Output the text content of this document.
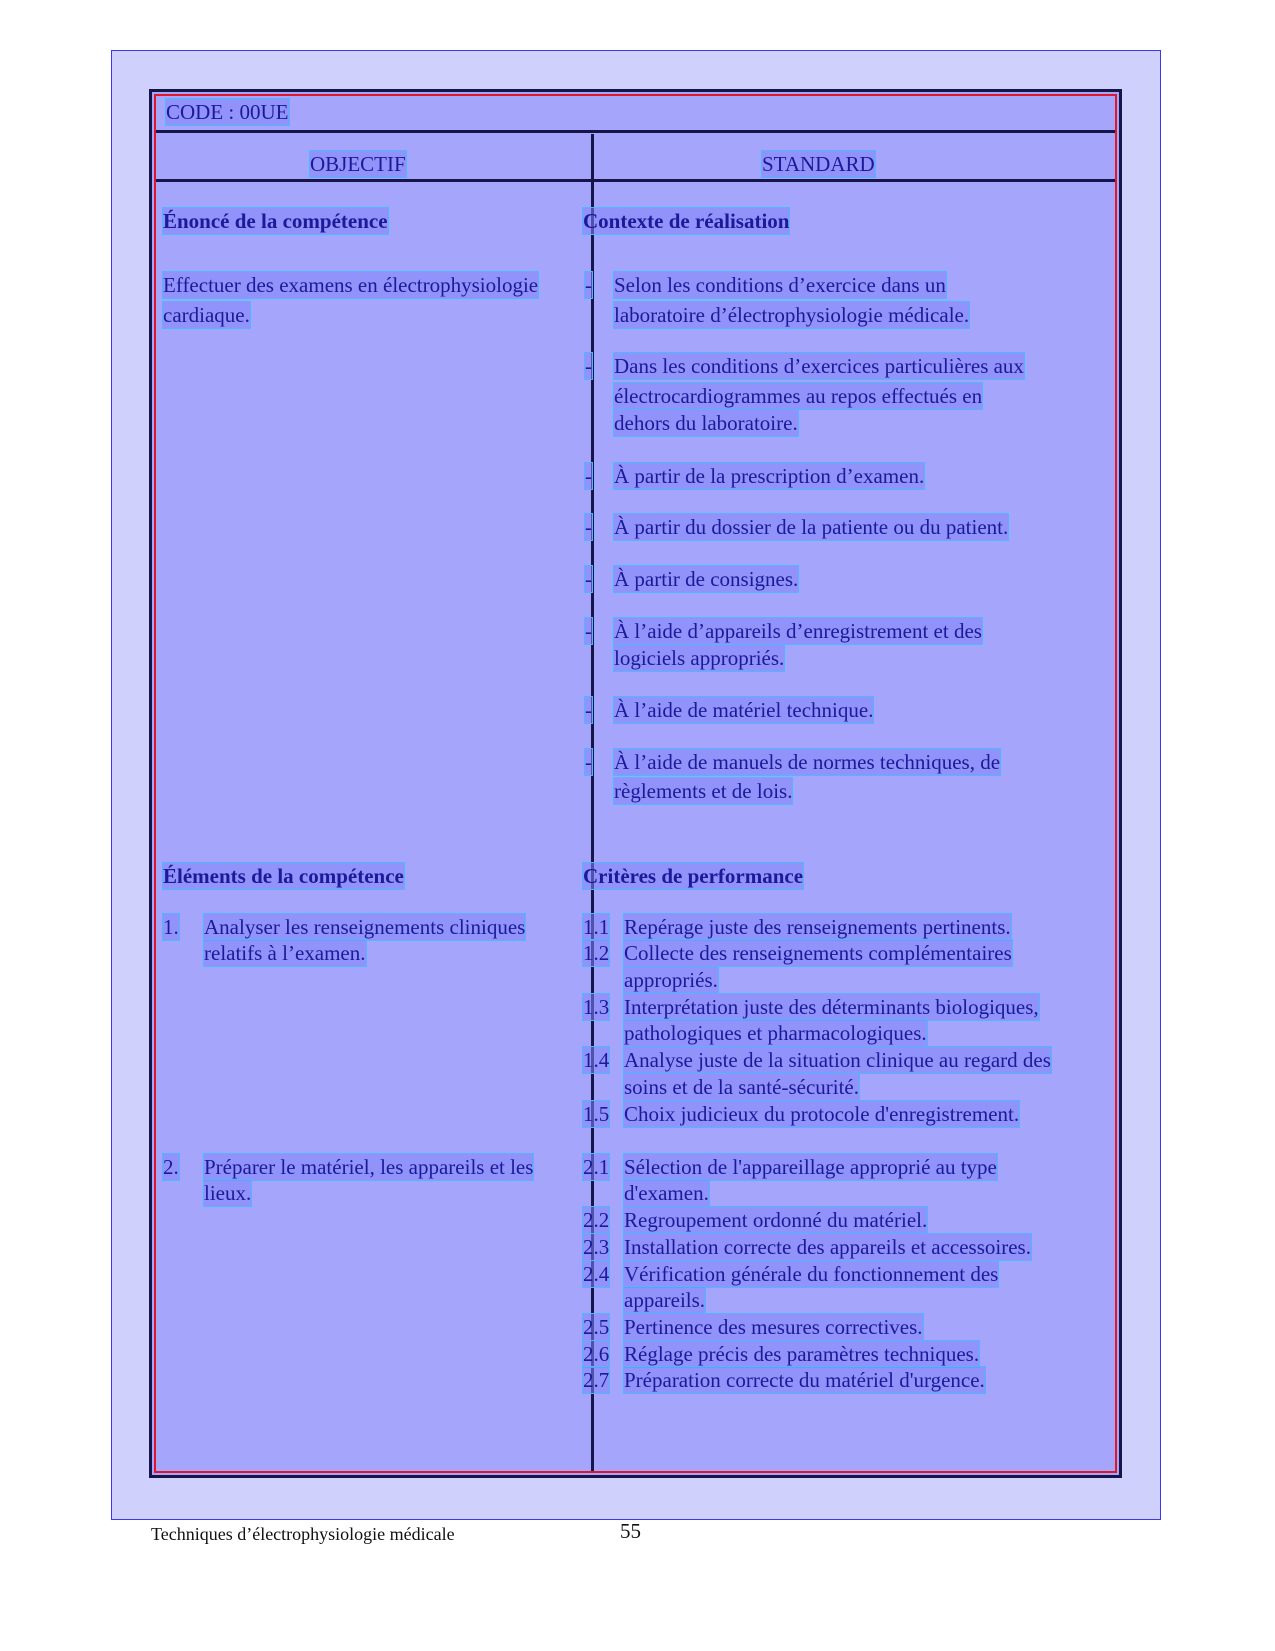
CODE : 00UE
OBJECTIF	STANDARD
Énoncé de la compétence
Effectuer des examens en électrophysiologie
cardiaque.
Éléments de la compétence
1. Analyser les renseignements cliniques
relatifs à l’examen.
2. Préparer le matériel, les appareils et les
lieux.
Contexte de réalisation
- Selon les conditions d’exercice dans un
laboratoire d’électrophysiologie médicale.
- Dans les conditions d’exercices particulières aux
électrocardiogrammes au repos effectués en
dehors du laboratoire.
- À partir de la prescription d’examen.
- À partir du dossier de la patiente ou du patient.
- À partir de consignes.
- À l’aide d’appareils d’enregistrement et des
logiciels appropriés.
- À l’aide de matériel technique.
- À l’aide de manuels de normes techniques, de
règlements et de lois.
Critères de performance
1.1 Repérage juste des renseignements pertinents.
1.2 Collecte des renseignements complémentaires
appropriés.
1.3 Interprétation juste des déterminants biologiques,
pathologiques et pharmacologiques.
1.4 Analyse juste de la situation clinique au regard des
soins et de la santé-sécurité.
1.5 Choix judicieux du protocole d'enregistrement.
2.1 Sélection de l'appareillage approprié au type
d'examen.
2.2 Regroupement ordonné du matériel.
2.3 Installation correcte des appareils et accessoires.
2.4 Vérification générale du fonctionnement des
appareils.
2.5 Pertinence des mesures correctives.
2.6 Réglage précis des paramètres techniques.
2.7 Préparation correcte du matériel d'urgence.
Techniques d’électrophysiologie médicale	55
